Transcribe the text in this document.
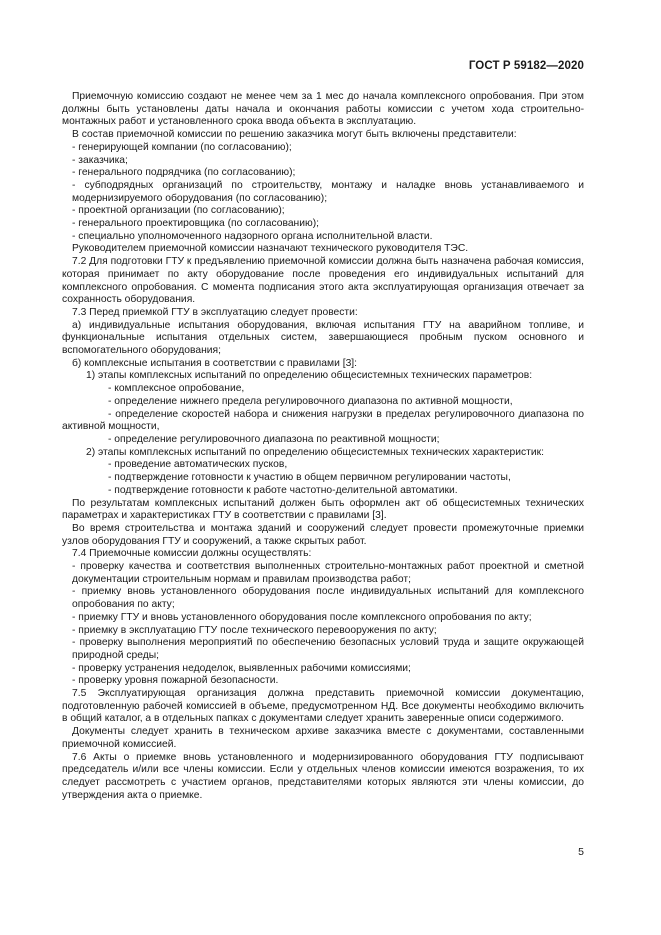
ГОСТ Р 59182—2020

Приемочную комиссию создают не менее чем за 1 мес до начала комплексного опробования. При этом должны быть установлены даты начала и окончания работы комиссии с учетом хода строительно-монтажных работ и установленного срока ввода объекта в эксплуатацию.

В состав приемочной комиссии по решению заказчика могут быть включены представители:

- генерирующей компании (по согласованию);

- заказчика;

- генерального подрядчика (по согласованию);

- субподрядных организаций по строительству, монтажу и наладке вновь устанавливаемого и модернизируемого оборудования (по согласованию);

- проектной организации (по согласованию);

- генерального проектировщика (по согласованию);

- специально уполномоченного надзорного органа исполнительной власти.

Руководителем приемочной комиссии назначают технического руководителя ТЭС.

7.2 Для подготовки ГТУ к предъявлению приемочной комиссии должна быть назначена рабочая комиссия, которая принимает по акту оборудование после проведения его индивидуальных испытаний для комплексного опробования. С момента подписания этого акта эксплуатирующая организация отвечает за сохранность оборудования.

7.3 Перед приемкой ГТУ в эксплуатацию следует провести:

а) индивидуальные испытания оборудования, включая испытания ГТУ на аварийном топливе, и функциональные испытания отдельных систем, завершающиеся пробным пуском основного и вспомогательного оборудования;

б) комплексные испытания в соответствии с правилами [3]:

1) этапы комплексных испытаний по определению общесистемных технических параметров:

- комплексное опробование,

- определение нижнего предела регулировочного диапазона по активной мощности,

- определение скоростей набора и снижения нагрузки в пределах регулировочного диапазона по активной мощности,

- определение регулировочного диапазона по реактивной мощности;

2) этапы комплексных испытаний по определению общесистемных технических характеристик:

- проведение автоматических пусков,

- подтверждение готовности к участию в общем первичном регулировании частоты,

- подтверждение готовности к работе частотно-делительной автоматики.

По результатам комплексных испытаний должен быть оформлен акт об общесистемных технических параметрах и характеристиках ГТУ в соответствии с правилами [3].

Во время строительства и монтажа зданий и сооружений следует провести промежуточные приемки узлов оборудования ГТУ и сооружений, а также скрытых работ.

7.4 Приемочные комиссии должны осуществлять:

- проверку качества и соответствия выполненных строительно-монтажных работ проектной и сметной документации строительным нормам и правилам производства работ;

- приемку вновь установленного оборудования после индивидуальных испытаний для комплексного опробования по акту;

- приемку ГТУ и вновь установленного оборудования после комплексного опробования по акту;

- приемку в эксплуатацию ГТУ после технического перевооружения по акту;

- проверку выполнения мероприятий по обеспечению безопасных условий труда и защите окружающей природной среды;

- проверку устранения недоделок, выявленных рабочими комиссиями;

- проверку уровня пожарной безопасности.

7.5 Эксплуатирующая организация должна представить приемочной комиссии документацию, подготовленную рабочей комиссией в объеме, предусмотренном НД. Все документы необходимо включить в общий каталог, а в отдельных папках с документами следует хранить заверенные описи содержимого.

Документы следует хранить в техническом архиве заказчика вместе с документами, составленными приемочной комиссией.

7.6 Акты о приемке вновь установленного и модернизированного оборудования ГТУ подписывают председатель и/или все члены комиссии. Если у отдельных членов комиссии имеются возражения, то их следует рассмотреть с участием органов, представителями которых являются эти члены комиссии, до утверждения акта о приемке.

5
